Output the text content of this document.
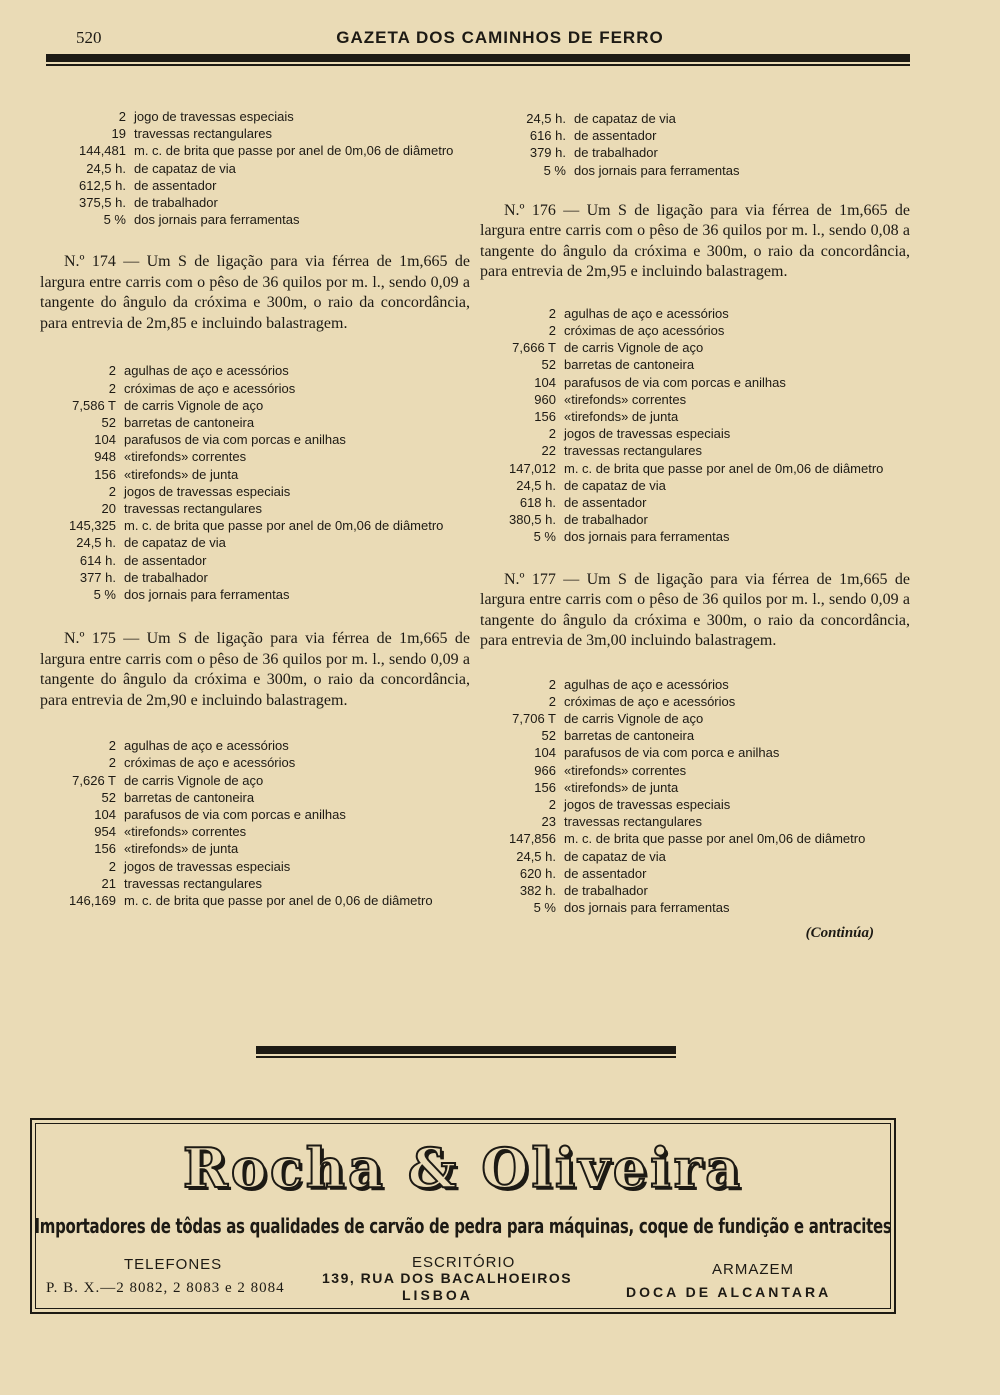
520	GAZETA DOS CAMINHOS DE FERRO
2 jogo de travessas especiais
19 travessas rectangulares
144,481 m. c. de brita que passe por anel de 0m,06 de diâmetro
24,5 h. de capataz de via
612,5 h. de assentador
375,5 h. de trabalhador
5 % dos jornais para ferramentas

N.º 174 — Um S de ligação para via férrea de 1m,665 de largura entre carris com o pêso de 36 quilos por m. l., sendo 0,09 a tangente do ângulo da cróxima e 300m, o raio da concordância, para entrevia de 2m,85 e incluindo balastragem.

2 agulhas de aço e acessórios
2 cróximas de aço e acessórios
7,586 T de carris Vignole de aço
52 barretas de cantoneira
104 parafusos de via com porcas e anilhas
948 «tirefonds» correntes
156 «tirefonds» de junta
2 jogos de travessas especiais
20 travessas rectangulares
145,325 m. c. de brita que passe por anel de 0m,06 de diâmetro
24,5 h. de capataz de via
614 h. de assentador
377 h. de trabalhador
5 % dos jornais para ferramentas

N.º 175 — Um S de ligação para via férrea de 1m,665 de largura entre carris com o pêso de 36 quilos por m. l., sendo 0,09 a tangente do ângulo da cróxima e 300m, o raio da concordância, para entrevia de 2m,90 e incluindo balastragem.

2 agulhas de aço e acessórios
2 cróximas de aço e acessórios
7,626 T de carris Vignole de aço
52 barretas de cantoneira
104 parafusos de via com porcas e anilhas
954 «tirefonds» correntes
156 «tirefonds» de junta
2 jogos de travessas especiais
21 travessas rectangulares
146,169 m. c. de brita que passe por anel de 0,06 de diâmetro
24,5 h. de capataz de via
616 h. de assentador
379 h. de trabalhador
5 % dos jornais para ferramentas

N.º 176 — Um S de ligação para via férrea de 1m,665 de largura entre carris com o pêso de 36 quilos por m. l., sendo 0,08 a tangente do ângulo da cróxima e 300m, o raio da concordância, para entrevia de 2m,95 e incluindo balastragem.

2 agulhas de aço e acessórios
2 cróximas de aço acessórios
7,666 T de carris Vignole de aço
52 barretas de cantoneira
104 parafusos de via com porcas e anilhas
960 «tirefonds» correntes
156 «tirefonds» de junta
2 jogos de travessas especiais
22 travessas rectangulares
147,012 m. c. de brita que passe por anel de 0m,06 de diâmetro
24,5 h. de capataz de via
618 h. de assentador
380,5 h. de trabalhador
5 % dos jornais para ferramentas

N.º 177 — Um S de ligação para via férrea de 1m,665 de largura entre carris com o pêso de 36 quilos por m. l., sendo 0,09 a tangente do ângulo da cróxima e 300m, o raio da concordância, para entrevia de 3m,00 incluindo balastragem.

2 agulhas de aço e acessórios
2 cróximas de aço e acessórios
7,706 T de carris Vignole de aço
52 barretas de cantoneira
104 parafusos de via com porca e anilhas
966 «tirefonds» correntes
156 «tirefonds» de junta
2 jogos de travessas especiais
23 travessas rectangulares
147,856 m. c. de brita que passe por anel 0m,06 de diâmetro
24,5 h. de capataz de via
620 h. de assentador
382 h. de trabalhador
5 % dos jornais para ferramentas
(Continúa)
Rocha & Oliveira
Importadores de tôdas as qualidades de carvão de pedra para máquinas, coque de fundição e antracites
TELEFONES
P. B. X.—2 8082, 2 8083 e 2 8084
ESCRITÓRIO
139, RUA DOS BACALHOEIROS
LISBOA
ARMAZEM
DOCA DE ALCANTARA
